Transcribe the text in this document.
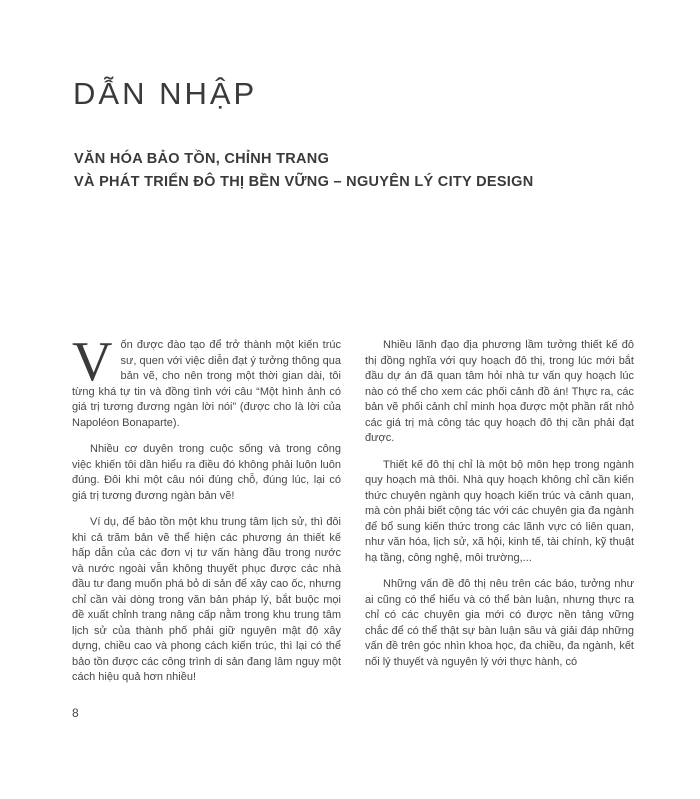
DẪN NHẬP
VĂN HÓA BẢO TỒN, CHỈNH TRANG
VÀ PHÁT TRIỂN ĐÔ THỊ BỀN VỮNG – NGUYÊN LÝ CITY DESIGN

Vốn được đào tạo để trở thành một kiến trúc sư, quen với việc diễn đạt ý tưởng thông qua bản vẽ, cho nên trong một thời gian dài, tôi từng khá tự tin và đồng tình với câu “Một hình ảnh có giá trị tương đương ngàn lời nói” (được cho là lời của Napoléon Bonaparte).

Nhiều cơ duyên trong cuộc sống và trong công việc khiến tôi dần hiểu ra điều đó không phải luôn luôn đúng. Đôi khi một câu nói đúng chỗ, đúng lúc, lại có giá trị tương đương ngàn bản vẽ!

Ví dụ, để bảo tồn một khu trung tâm lịch sử, thì đôi khi cả trăm bản vẽ thể hiện các phương án thiết kế hấp dẫn của các đơn vị tư vấn hàng đầu trong nước và nước ngoài vẫn không thuyết phục được các nhà đầu tư đang muốn phá bỏ di sản để xây cao ốc, nhưng chỉ cần vài dòng trong văn bản pháp lý, bắt buộc mọi đề xuất chỉnh trang nâng cấp nằm trong khu trung tâm lịch sử của thành phố phải giữ nguyên mật độ xây dựng, chiều cao và phong cách kiến trúc, thì lại có thể bảo tồn được các công trình di sản đang lâm nguy một cách hiệu quả hơn nhiều!

Nhiều lãnh đạo địa phương lầm tưởng thiết kế đô thị đồng nghĩa với quy hoạch đô thị, trong lúc mới bắt đầu dự án đã quan tâm hỏi nhà tư vấn quy hoạch lúc nào có thể cho xem các phối cảnh đồ án! Thực ra, các bản vẽ phối cảnh chỉ minh họa được một phần rất nhỏ các giá trị mà công tác quy hoạch đô thị cần phải đạt được.

Thiết kế đô thị chỉ là một bộ môn hẹp trong ngành quy hoạch mà thôi. Nhà quy hoạch không chỉ cần kiến thức chuyên ngành quy hoạch kiến trúc và cảnh quan, mà còn phải biết cộng tác với các chuyên gia đa ngành để bổ sung kiến thức trong các lãnh vực có liên quan, như văn hóa, lịch sử, xã hội, kinh tế, tài chính, kỹ thuật hạ tầng, công nghệ, môi trường,...

Những vấn đề đô thị nêu trên các báo, tưởng như ai cũng có thể hiểu và có thể bàn luận, nhưng thực ra chỉ có các chuyên gia mới có được nền tảng vững chắc để có thể thật sự bàn luận sâu và giải đáp những vấn đề trên góc nhìn khoa học, đa chiều, đa ngành, kết nối lý thuyết và nguyên lý với thực hành, có

8
